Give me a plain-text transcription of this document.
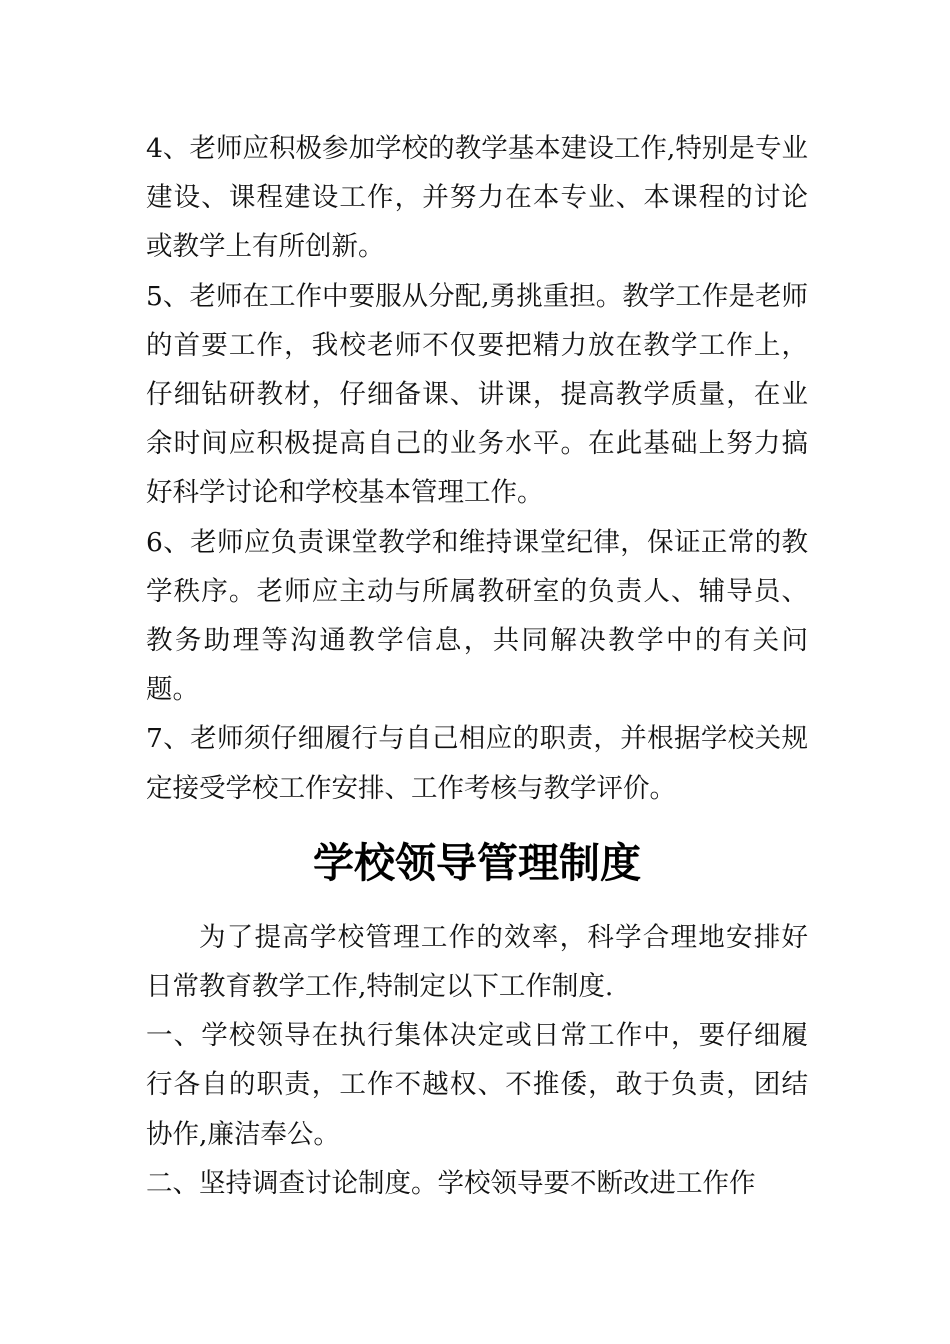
4、老师应积极参加学校的教学基本建设工作,特别是专业建设、课程建设工作，并努力在本专业、本课程的讨论或教学上有所创新。

5、老师在工作中要服从分配,勇挑重担。教学工作是老师的首要工作，我校老师不仅要把精力放在教学工作上，仔细钻研教材，仔细备课、讲课，提高教学质量，在业余时间应积极提高自己的业务水平。在此基础上努力搞好科学讨论和学校基本管理工作。

6、老师应负责课堂教学和维持课堂纪律，保证正常的教学秩序。老师应主动与所属教研室的负责人、辅导员、教务助理等沟通教学信息，共同解决教学中的有关问题。

7、老师须仔细履行与自己相应的职责，并根据学校关规定接受学校工作安排、工作考核与教学评价。

学校领导管理制度

为了提高学校管理工作的效率，科学合理地安排好日常教育教学工作,特制定以下工作制度.

一、学校领导在执行集体决定或日常工作中，要仔细履行各自的职责，工作不越权、不推倭，敢于负责，团结协作,廉洁奉公。

二、坚持调查讨论制度。学校领导要不断改进工作作
